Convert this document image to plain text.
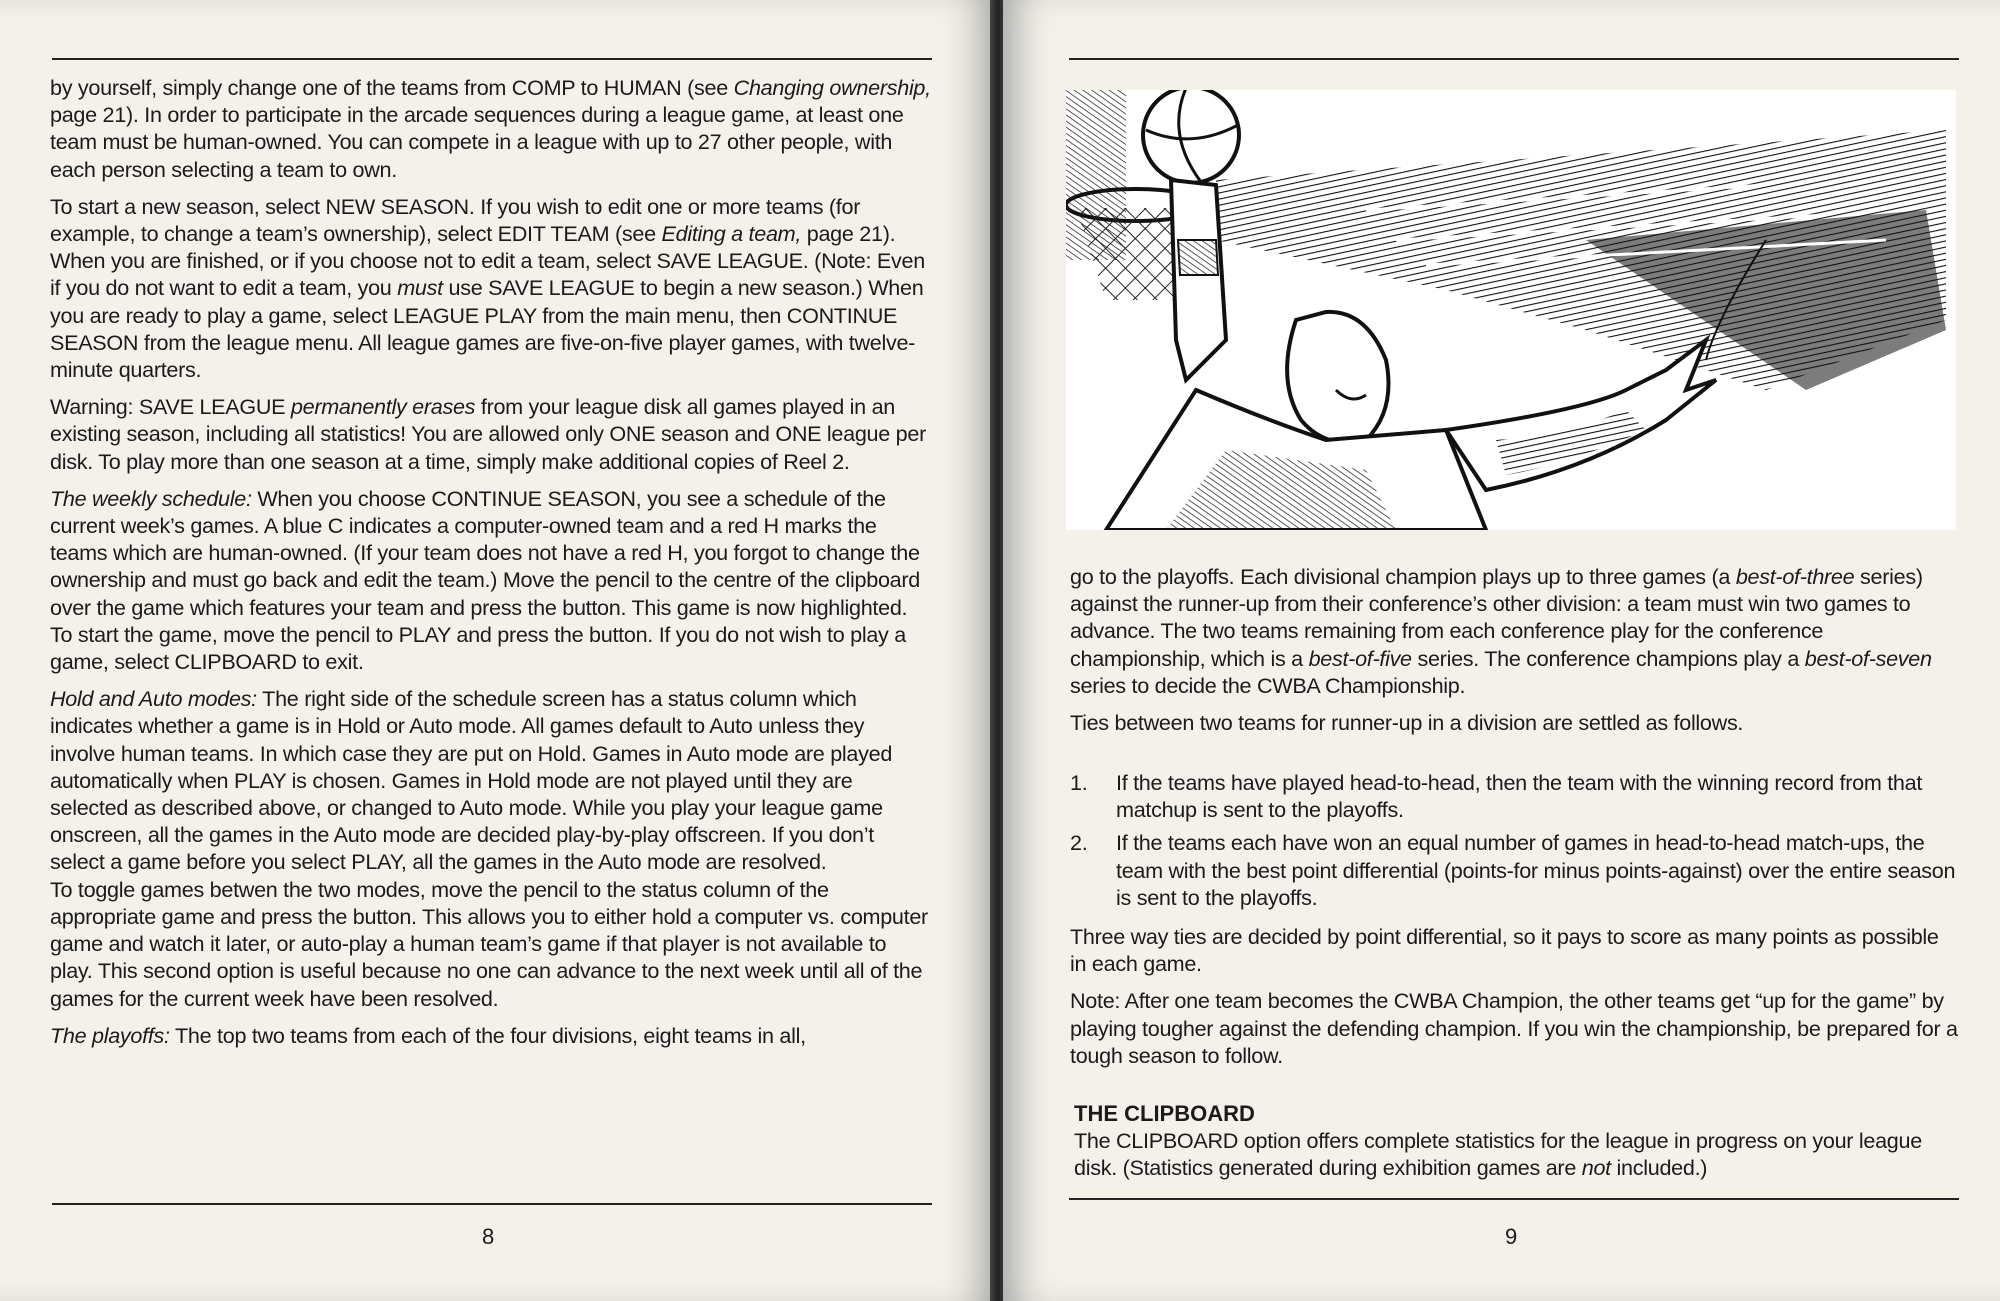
by yourself, simply change one of the teams from COMP to HUMAN (see Changing ownership, page 21). In order to participate in the arcade sequences during a league game, at least one team must be human-owned. You can compete in a league with up to 27 other people, with each person selecting a team to own.

To start a new season, select NEW SEASON. If you wish to edit one or more teams (for example, to change a team’s ownership), select EDIT TEAM (see Editing a team, page 21). When you are finished, or if you choose not to edit a team, select SAVE LEAGUE. (Note: Even if you do not want to edit a team, you must use SAVE LEAGUE to begin a new season.) When you are ready to play a game, select LEAGUE PLAY from the main menu, then CONTINUE SEASON from the league menu. All league games are five-on-five player games, with twelve-minute quarters.

Warning: SAVE LEAGUE permanently erases from your league disk all games played in an existing season, including all statistics! You are allowed only ONE season and ONE league per disk. To play more than one season at a time, simply make additional copies of Reel 2.

The weekly schedule: When you choose CONTINUE SEASON, you see a schedule of the current week’s games. A blue C indicates a computer-owned team and a red H marks the teams which are human-owned. (If your team does not have a red H, you forgot to change the ownership and must go back and edit the team.) Move the pencil to the centre of the clipboard over the game which features your team and press the button. This game is now highlighted. To start the game, move the pencil to PLAY and press the button. If you do not wish to play a game, select CLIPBOARD to exit.

Hold and Auto modes: The right side of the schedule screen has a status column which indicates whether a game is in Hold or Auto mode. All games default to Auto unless they involve human teams. In which case they are put on Hold. Games in Auto mode are played automatically when PLAY is chosen. Games in Hold mode are not played until they are selected as described above, or changed to Auto mode. While you play your league game onscreen, all the games in the Auto mode are decided play-by-play offscreen. If you don’t select a game before you select PLAY, all the games in the Auto mode are resolved.

To toggle games betwen the two modes, move the pencil to the status column of the appropriate game and press the button. This allows you to either hold a computer vs. computer game and watch it later, or auto-play a human team’s game if that player is not available to play. This second option is useful because no one can advance to the next week until all of the games for the current week have been resolved.

The playoffs: The top two teams from each of the four divisions, eight teams in all,

8	9

go to the playoffs. Each divisional champion plays up to three games (a best-of-three series) against the runner-up from their conference’s other division: a team must win two games to advance. The two teams remaining from each conference play for the conference championship, which is a best-of-five series. The conference champions play a best-of-seven series to decide the CWBA Championship.

Ties between two teams for runner-up in a division are settled as follows.

1. If the teams have played head-to-head, then the team with the winning record from that matchup is sent to the playoffs.
2. If the teams each have won an equal number of games in head-to-head match-ups, the team with the best point differential (points-for minus points-against) over the entire season is sent to the playoffs.

Three way ties are decided by point differential, so it pays to score as many points as possible in each game.

Note: After one team becomes the CWBA Champion, the other teams get “up for the game” by playing tougher against the defending champion. If you win the championship, be prepared for a tough season to follow.

THE CLIPBOARD

The CLIPBOARD option offers complete statistics for the league in progress on your league disk. (Statistics generated during exhibition games are not included.)
